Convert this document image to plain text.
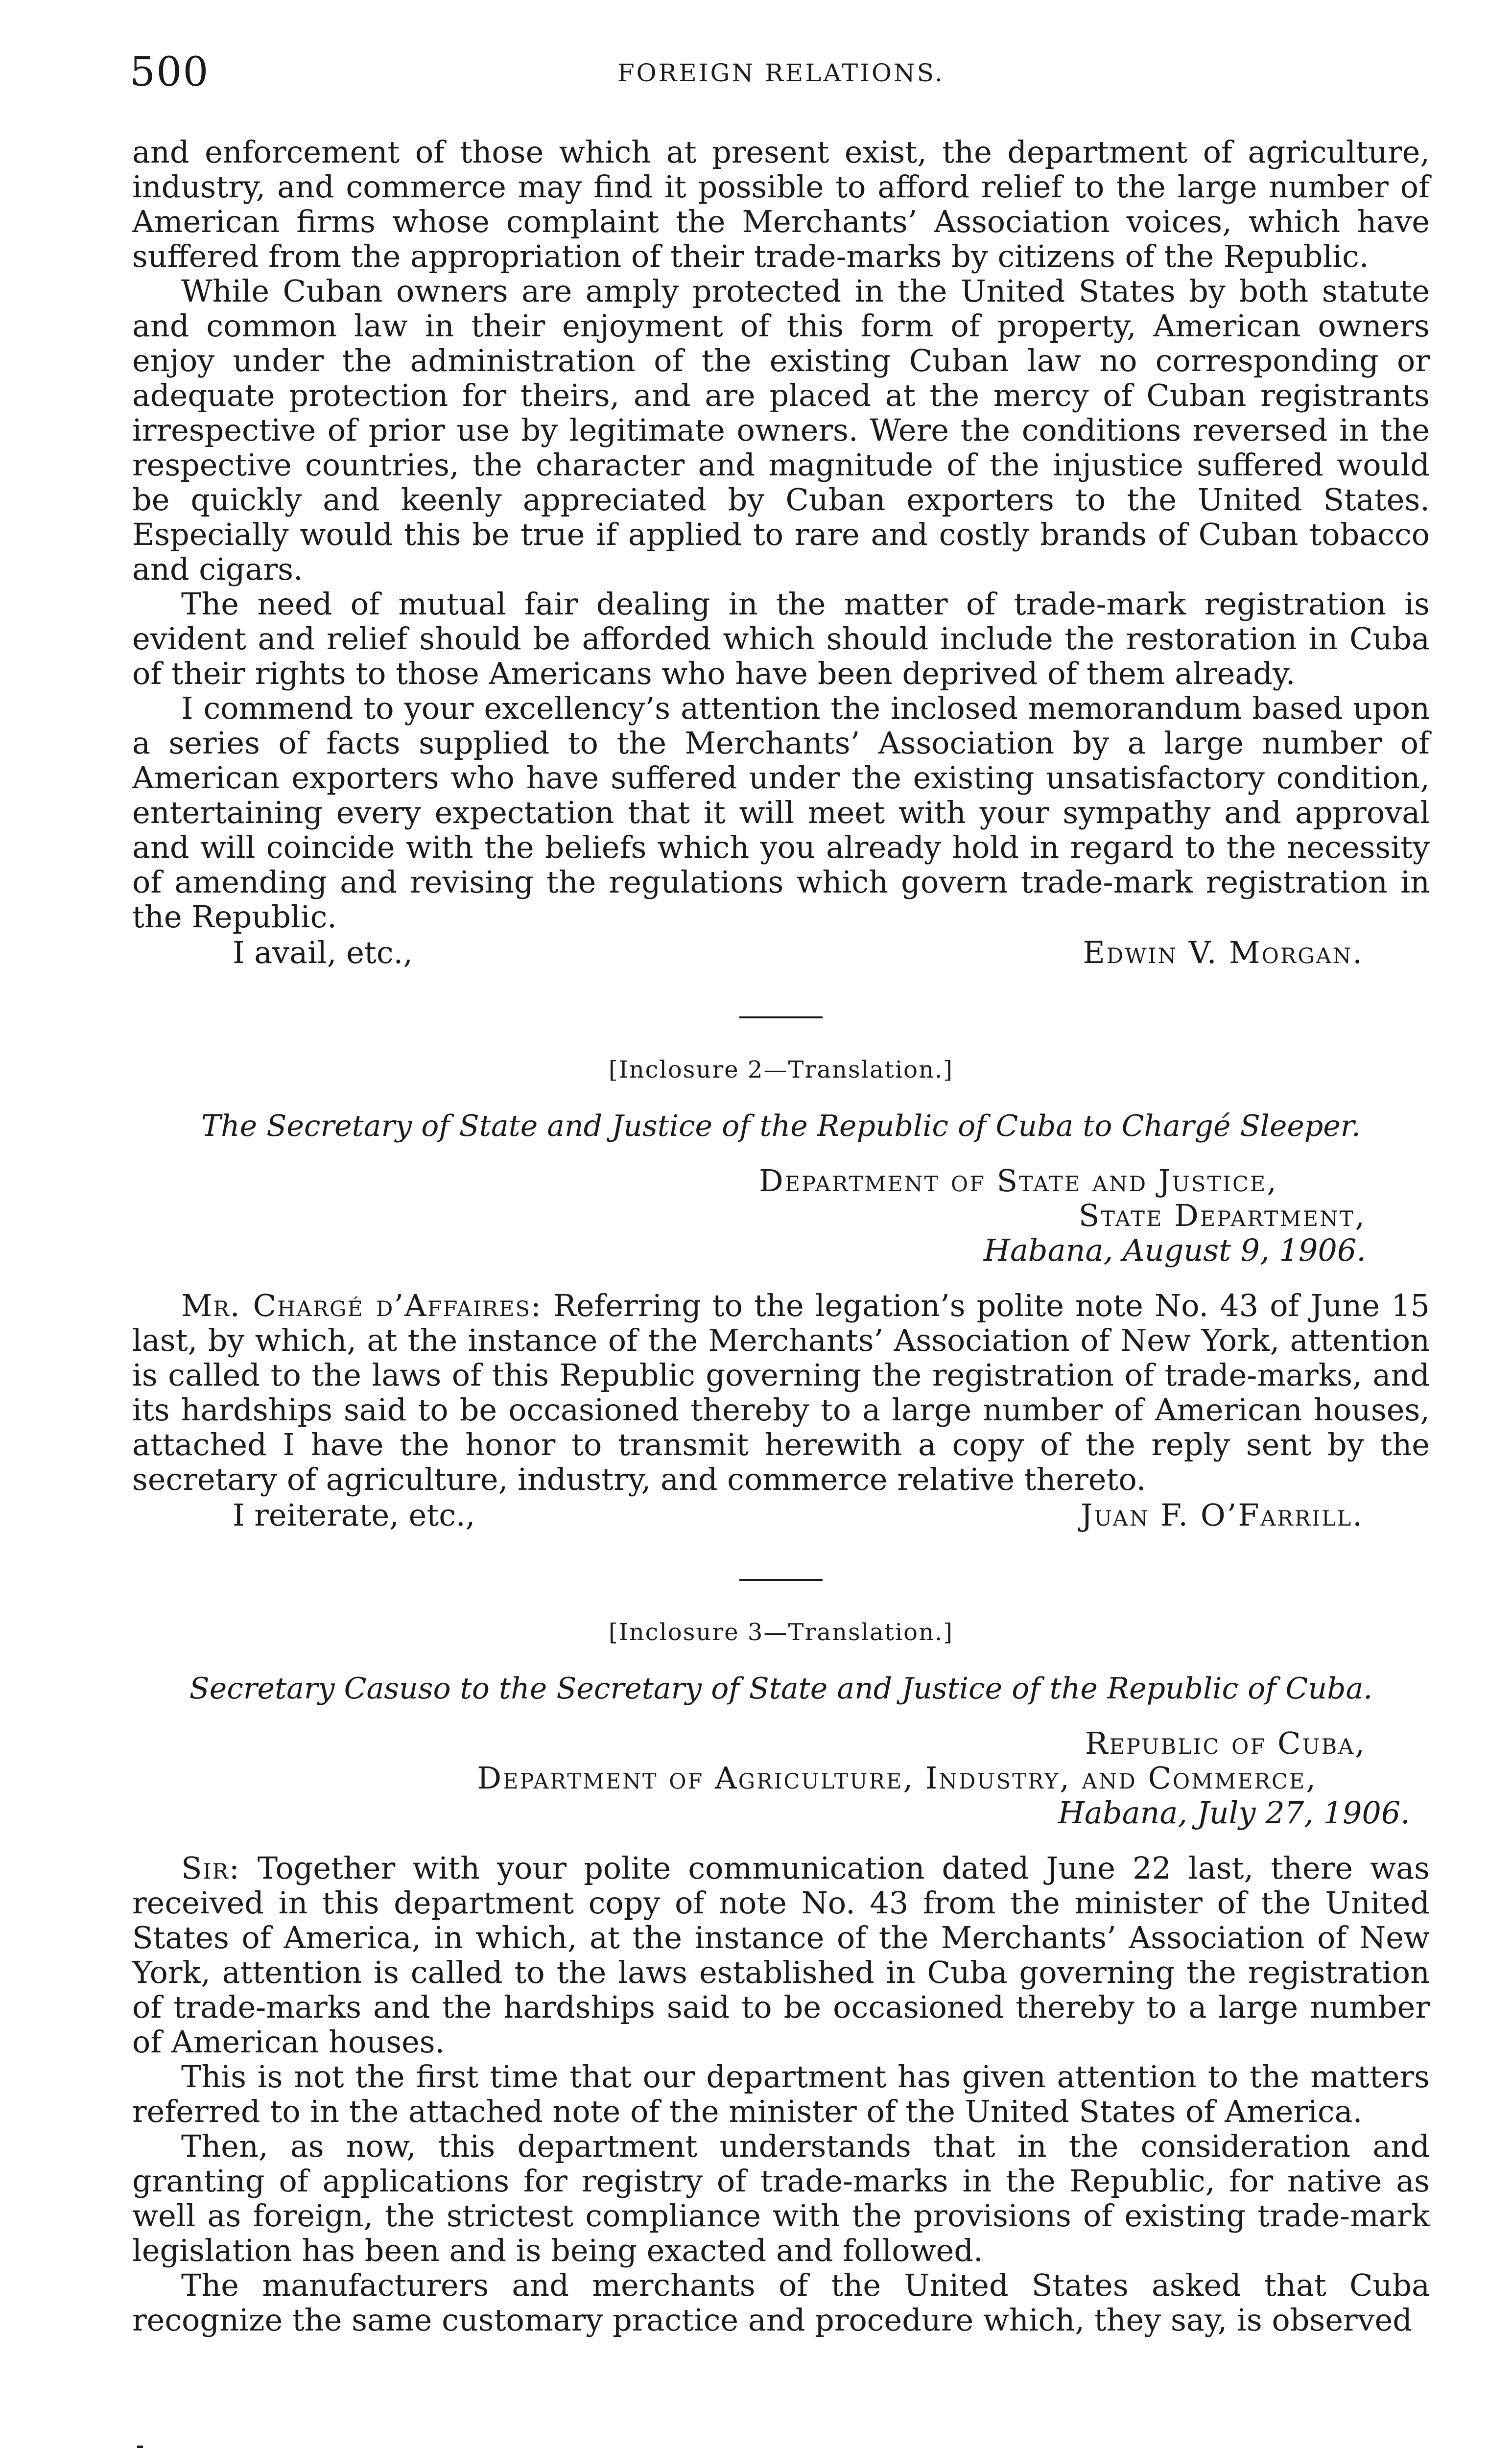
500	FOREIGN RELATIONS.

and enforcement of those which at present exist, the department of agriculture, industry, and commerce may find it possible to afford relief to the large number of American firms whose complaint the Merchants’ Association voices, which have suffered from the appropriation of their trade-marks by citizens of the Republic.

While Cuban owners are amply protected in the United States by both statute and common law in their enjoyment of this form of property, American owners enjoy under the administration of the existing Cuban law no corresponding or adequate protection for theirs, and are placed at the mercy of Cuban registrants irrespective of prior use by legitimate owners. Were the conditions reversed in the respective countries, the character and magnitude of the injustice suffered would be quickly and keenly appreciated by Cuban exporters to the United States. Especially would this be true if applied to rare and costly brands of Cuban tobacco and cigars.

The need of mutual fair dealing in the matter of trade-mark registration is evident and relief should be afforded which should include the restoration in Cuba of their rights to those Americans who have been deprived of them already.

I commend to your excellency’s attention the inclosed memorandum based upon a series of facts supplied to the Merchants’ Association by a large number of American exporters who have suffered under the existing unsatisfactory condition, entertaining every expectation that it will meet with your sympathy and approval and will coincide with the beliefs which you already hold in regard to the necessity of amending and revising the regulations which govern trade-mark registration in the Republic.

I avail, etc.,	Edwin V. Morgan.
[Inclosure 2—Translation.]
The Secretary of State and Justice of the Republic of Cuba to Chargé Sleeper.
Department of State and Justice,
State Department,
Habana, August 9, 1906.

Mr. Chargé d’Affaires: Referring to the legation’s polite note No. 43 of June 15 last, by which, at the instance of the Merchants’ Association of New York, attention is called to the laws of this Republic governing the registration of trade-marks, and its hardships said to be occasioned thereby to a large number of American houses, attached I have the honor to transmit herewith a copy of the reply sent by the secretary of agriculture, industry, and commerce relative thereto.

I reiterate, etc.,	Juan F. O’Farrill.
[Inclosure 3—Translation.]
Secretary Casuso to the Secretary of State and Justice of the Republic of Cuba.
Republic of Cuba,
Department of Agriculture, Industry, and Commerce,
Habana, July 27, 1906.

Sir: Together with your polite communication dated June 22 last, there was received in this department copy of note No. 43 from the minister of the United States of America, in which, at the instance of the Merchants’ Association of New York, attention is called to the laws established in Cuba governing the registration of trade-marks and the hardships said to be occasioned thereby to a large number of American houses.

This is not the first time that our department has given attention to the matters referred to in the attached note of the minister of the United States of America.

Then, as now, this department understands that in the consideration and granting of applications for registry of trade-marks in the Republic, for native as well as foreign, the strictest compliance with the provisions of existing trade-mark legislation has been and is being exacted and followed.

The manufacturers and merchants of the United States asked that Cuba recognize the same customary practice and procedure which, they say, is observed
